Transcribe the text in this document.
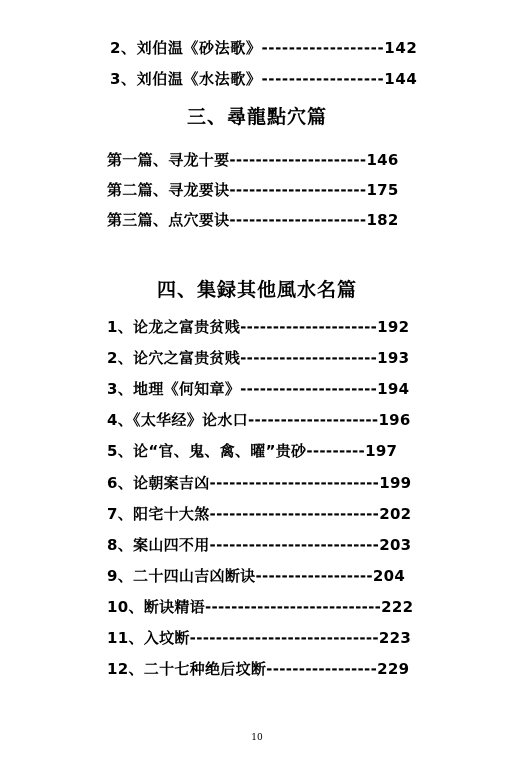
2、刘伯温《砂法歌》------------------142
3、刘伯温《水法歌》------------------144
三、尋龍點穴篇
第一篇、寻龙十要---------------------146
第二篇、寻龙要诀---------------------175
第三篇、点穴要诀---------------------182
四、集録其他風水名篇
1、论龙之富贵贫贱---------------------192
2、论穴之富贵贫贱---------------------193
3、地理《何知章》---------------------194
4、《太华经》论水口--------------------196
5、论“官、鬼、禽、曜”贵砂---------197
6、论朝案吉凶--------------------------199
7、阳宅十大煞--------------------------202
8、案山四不用--------------------------203
9、二十四山吉凶断诀------------------204
10、断诀精语---------------------------222
11、入坟断-----------------------------223
12、二十七种绝后坟断-----------------229
10
